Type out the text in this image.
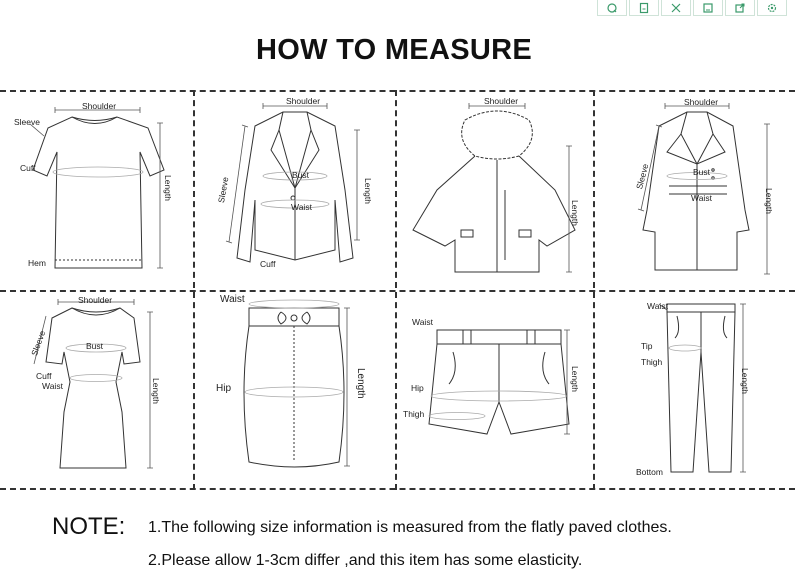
HOW TO MEASURE
Shoulder
Sleeve
Cuff
Length
Hem
Shoulder
Sleeve
Bust
Waist
Length
Cuff
Shoulder
Length
Shoulder
Sleeve	Bust
Waist	Length
Shoulder
Sleeve	Bust
Cuff
Waist	Length
Waist
Hip	Length
Waist
Hip
Thigh
Length
Waist
Tip
Thigh
Bottom
Length
NOTE: 1.The following size information is measured from the flatly paved clothes.
2.Please allow 1-3cm differ ,and this item has some elasticity.
